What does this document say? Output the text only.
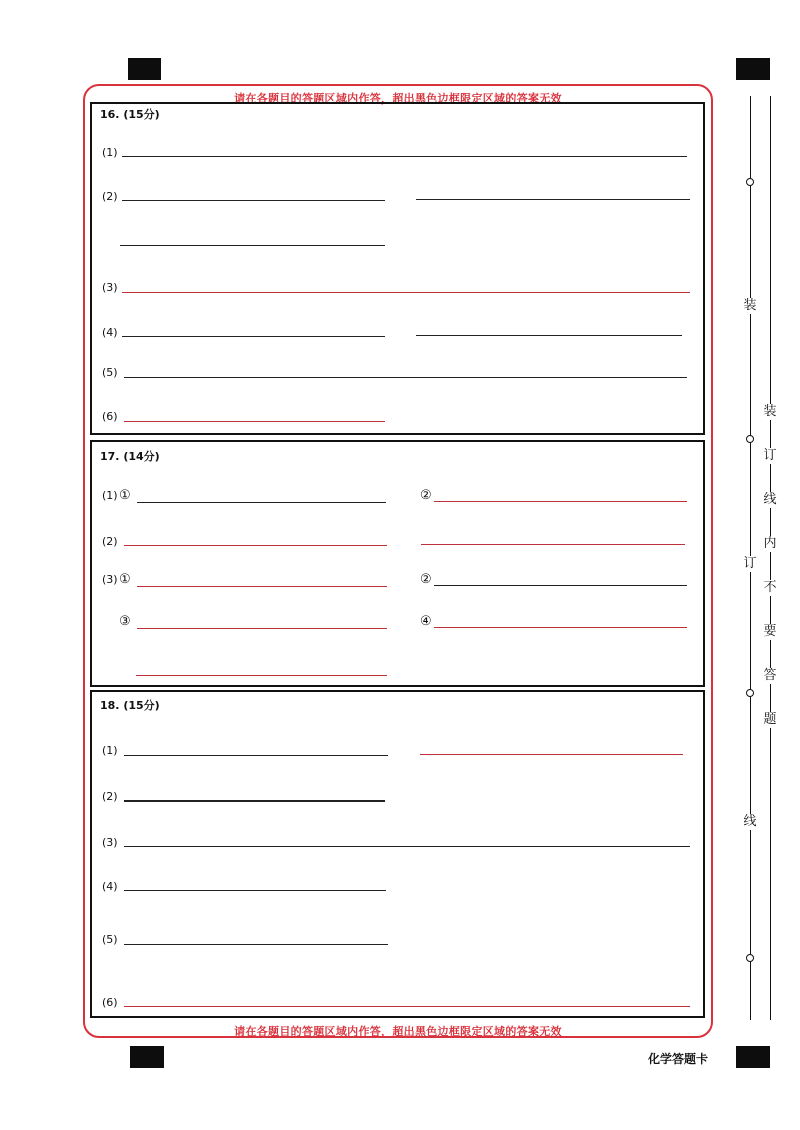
请在各题目的答题区域内作答，超出黑色边框限定区域的答案无效
请在各题目的答题区域内作答，超出黑色边框限定区域的答案无效
16. (15分)
(1)
(2)
(3)
(4)
(5)
(6)
17. (14分)
(1) ①	②
(2)
(3) ①	②
③	④
18. (15分)
(1)
(2)
(3)
(4)
(5)
(6)
装
订
线
装
订
线
内
不
要
答
题
化学答题卡
